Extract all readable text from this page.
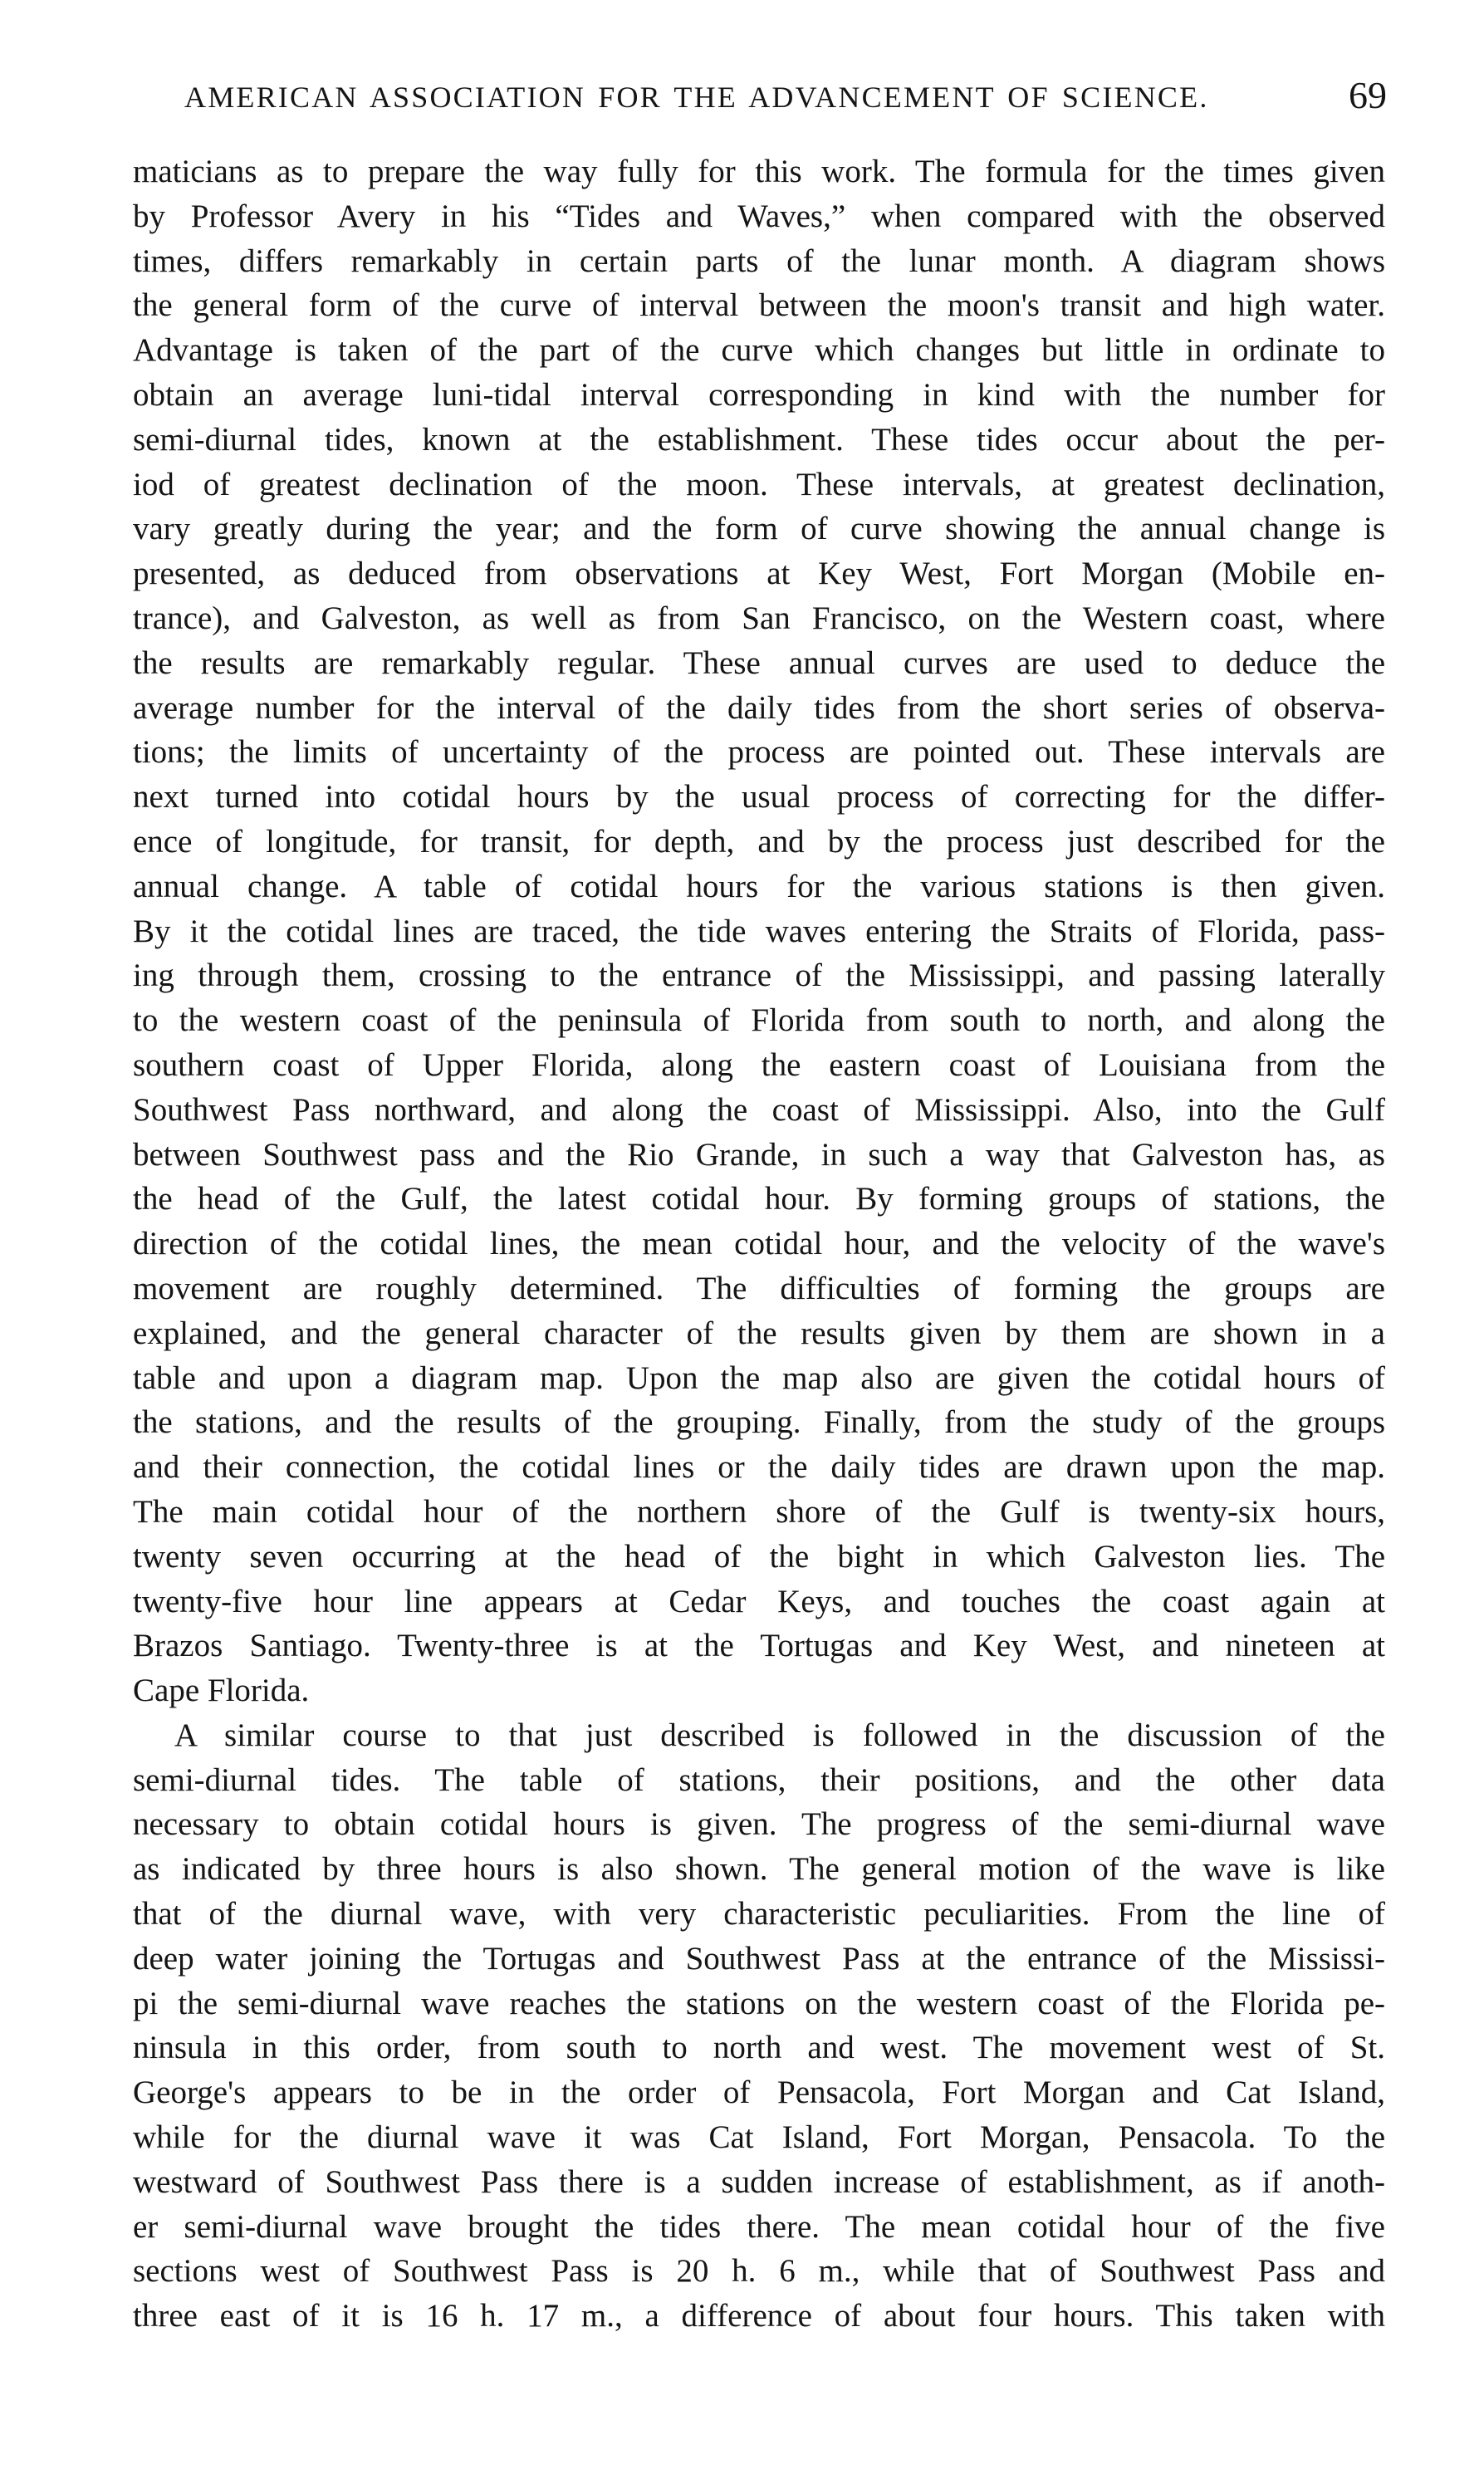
AMERICAN ASSOCIATION FOR THE ADVANCEMENT OF SCIENCE.	69
maticians as to prepare the way fully for this work. The formula for the times given
by Professor Avery in his “Tides and Waves,” when compared with the observed
times, differs remarkably in certain parts of the lunar month. A diagram shows
the general form of the curve of interval between the moon's transit and high water.
Advantage is taken of the part of the curve which changes but little in ordinate to
obtain an average luni-tidal interval corresponding in kind with the number for
semi-diurnal tides, known at the establishment. These tides occur about the per-
iod of greatest declination of the moon. These intervals, at greatest declination,
vary greatly during the year; and the form of curve showing the annual change is
presented, as deduced from observations at Key West, Fort Morgan (Mobile en-
trance), and Galveston, as well as from San Francisco, on the Western coast, where
the results are remarkably regular. These annual curves are used to deduce the
average number for the interval of the daily tides from the short series of observa-
tions; the limits of uncertainty of the process are pointed out. These intervals are
next turned into cotidal hours by the usual process of correcting for the differ-
ence of longitude, for transit, for depth, and by the process just described for the
annual change. A table of cotidal hours for the various stations is then given.
By it the cotidal lines are traced, the tide waves entering the Straits of Florida, pass-
ing through them, crossing to the entrance of the Mississippi, and passing laterally
to the western coast of the peninsula of Florida from south to north, and along the
southern coast of Upper Florida, along the eastern coast of Louisiana from the
Southwest Pass northward, and along the coast of Mississippi. Also, into the Gulf
between Southwest pass and the Rio Grande, in such a way that Galveston has, as
the head of the Gulf, the latest cotidal hour. By forming groups of stations, the
direction of the cotidal lines, the mean cotidal hour, and the velocity of the wave's
movement are roughly determined. The difficulties of forming the groups are
explained, and the general character of the results given by them are shown in a
table and upon a diagram map. Upon the map also are given the cotidal hours of
the stations, and the results of the grouping. Finally, from the study of the groups
and their connection, the cotidal lines or the daily tides are drawn upon the map.
The main cotidal hour of the northern shore of the Gulf is twenty-six hours,
twenty seven occurring at the head of the bight in which Galveston lies. The
twenty-five hour line appears at Cedar Keys, and touches the coast again at
Brazos Santiago. Twenty-three is at the Tortugas and Key West, and nineteen at
Cape Florida.
A similar course to that just described is followed in the discussion of the
semi-diurnal tides. The table of stations, their positions, and the other data
necessary to obtain cotidal hours is given. The progress of the semi-diurnal wave
as indicated by three hours is also shown. The general motion of the wave is like
that of the diurnal wave, with very characteristic peculiarities. From the line of
deep water joining the Tortugas and Southwest Pass at the entrance of the Mississi-
pi the semi-diurnal wave reaches the stations on the western coast of the Florida pe-
ninsula in this order, from south to north and west. The movement west of St.
George's appears to be in the order of Pensacola, Fort Morgan and Cat Island,
while for the diurnal wave it was Cat Island, Fort Morgan, Pensacola. To the
westward of Southwest Pass there is a sudden increase of establishment, as if anoth-
er semi-diurnal wave brought the tides there. The mean cotidal hour of the five
sections west of Southwest Pass is 20 h. 6 m., while that of Southwest Pass and
three east of it is 16 h. 17 m., a difference of about four hours. This taken with
